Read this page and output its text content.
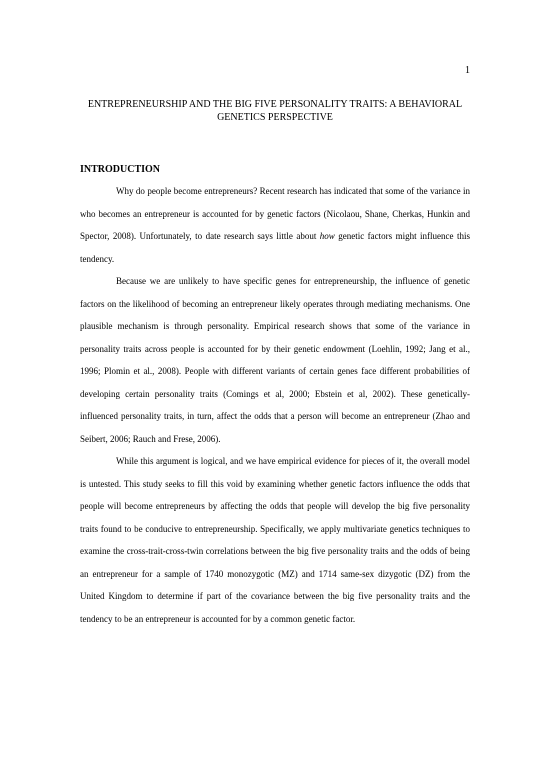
1
ENTREPRENEURSHIP AND THE BIG FIVE PERSONALITY TRAITS: A BEHAVIORAL GENETICS PERSPECTIVE
INTRODUCTION

Why do people become entrepreneurs? Recent research has indicated that some of the variance in who becomes an entrepreneur is accounted for by genetic factors (Nicolaou, Shane, Cherkas, Hunkin and Spector, 2008). Unfortunately, to date research says little about how genetic factors might influence this tendency.

Because we are unlikely to have specific genes for entrepreneurship, the influence of genetic factors on the likelihood of becoming an entrepreneur likely operates through mediating mechanisms. One plausible mechanism is through personality. Empirical research shows that some of the variance in personality traits across people is accounted for by their genetic endowment (Loehlin, 1992; Jang et al., 1996; Plomin et al., 2008). People with different variants of certain genes face different probabilities of developing certain personality traits (Comings et al, 2000; Ebstein et al, 2002). These genetically-influenced personality traits, in turn, affect the odds that a person will become an entrepreneur (Zhao and Seibert, 2006; Rauch and Frese, 2006).

While this argument is logical, and we have empirical evidence for pieces of it, the overall model is untested. This study seeks to fill this void by examining whether genetic factors influence the odds that people will become entrepreneurs by affecting the odds that people will develop the big five personality traits found to be conducive to entrepreneurship. Specifically, we apply multivariate genetics techniques to examine the cross-trait-cross-twin correlations between the big five personality traits and the odds of being an entrepreneur for a sample of 1740 monozygotic (MZ) and 1714 same-sex dizygotic (DZ) from the United Kingdom to determine if part of the covariance between the big five personality traits and the tendency to be an entrepreneur is accounted for by a common genetic factor.
